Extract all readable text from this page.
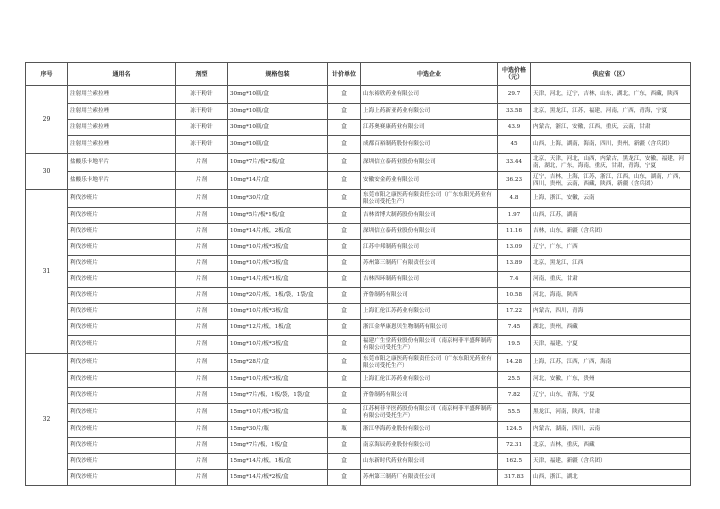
序号	通用名	剂型	规格包装	计价单位	中选企业	中选价格（元）	供应省（区）
29	注射用兰索拉唑	冻干粉针	30mg*10瓶/盒	盒	山东裕欣药业有限公司	29.7	天津，河北，辽宁，吉林，山东，湖北，广东，西藏，陕西
	注射用兰索拉唑	冻干粉针	30mg*10瓶/盒	盒	上海上药新亚药业有限公司	33.58	北京，黑龙江，江苏，福建，河南，广西，青海，宁夏
	注射用兰索拉唑	冻干粉针	30mg*10瓶/盒	盒	江苏奥赛康药业有限公司	43.9	内蒙古，浙江，安徽，江西，重庆，云南，甘肃
	注射用兰索拉唑	冻干粉针	30mg*10瓶/盒	盒	成都百裕制药股份有限公司	45	山西，上海，湖南，海南，四川，贵州，新疆（含兵团）
30	盐酸乐卡地平片	片剂	10mg*7片/板*2板/盒	盒	深圳信立泰药业股份有限公司	33.44	北京，天津，河北，山西，内蒙古，黑龙江，安徽，福建，河南，湖北，广东，海南，重庆，甘肃，青海，宁夏
	盐酸乐卡地平片	片剂	10mg*14片/盒	盒	安徽安金药业有限公司	36.23	辽宁，吉林，上海，江苏，浙江，江西，山东，湖南，广西，四川，贵州，云南，西藏，陕西，新疆（含兵团）
31	利伐沙班片	片剂	10mg*30片/盒	盒	东莞市阳之康医药有限责任公司（广东东阳光药业有限公司受托生产）	4.8	上海，浙江，安徽，云南
	利伐沙班片	片剂	10mg*5片/板*1板/盒	盒	吉林省博大制药股份有限公司	1.97	山西，江苏，湖南
	利伐沙班片	片剂	10mg*14片/板，2板/盒	盒	深圳信立泰药业股份有限公司	11.16	吉林，山东，新疆（含兵团）
	利伐沙班片	片剂	10mg*10片/板*3板/盒	盒	江苏中邦制药有限公司	13.09	辽宁，广东，广西
	利伐沙班片	片剂	10mg*10片/板*3板/盒	盒	苏州第三制药厂有限责任公司	13.89	北京，黑龙江，江西
	利伐沙班片	片剂	10mg*14片/板*1板/盒	盒	吉林四环制药有限公司	7.4	河南，重庆，甘肃
	利伐沙班片	片剂	10mg*20片/板，1板/袋，1袋/盒	盒	齐鲁制药有限公司	10.58	河北，海南，陕西
	利伐沙班片	片剂	10mg*10片/板*3板/盒	盒	上海汇伦江苏药业有限公司	17.22	内蒙古，四川，青海
	利伐沙班片	片剂	10mg*12片/板，1板/盒	盒	浙江金华康恩贝生物制药有限公司	7.45	湖北，贵州，西藏
	利伐沙班片	片剂	10mg*10片/板*3板/盒	盒	福建广生堂药业股份有限公司（南京柯菲平盛辉制药有限公司受托生产）	19.5	天津，福建，宁夏
32	利伐沙班片	片剂	15mg*28片/盒	盒	东莞市阳之康医药有限责任公司（广东东阳光药业有限公司受托生产）	14.28	上海，江苏，江西，广西，海南
	利伐沙班片	片剂	15mg*10片/板*3板/盒	盒	上海汇伦江苏药业有限公司	25.5	河北，安徽，广东，贵州
	利伐沙班片	片剂	15mg*7片/板，1板/袋，1袋/盒	盒	齐鲁制药有限公司	7.82	辽宁，山东，青海，宁夏
	利伐沙班片	片剂	15mg*10片/板*3板/盒	盒	江苏柯菲平医药股份有限公司（南京柯菲平盛辉制药有限公司受托生产）	55.5	黑龙江，河南，陕西，甘肃
	利伐沙班片	片剂	15mg*30片/瓶	瓶	浙江华海药业股份有限公司	124.5	内蒙古，湖南，四川，云南
	利伐沙班片	片剂	15mg*7片/板，1板/盒	盒	南京海辰药业股份有限公司	72.31	北京，吉林，重庆，西藏
	利伐沙班片	片剂	15mg*14片/板，1板/盒	盒	山东新时代药业有限公司	162.5	天津，福建，新疆（含兵团）
	利伐沙班片	片剂	15mg*14片/板*2板/盒	盒	苏州第三制药厂有限责任公司	317.83	山西，浙江，湖北
